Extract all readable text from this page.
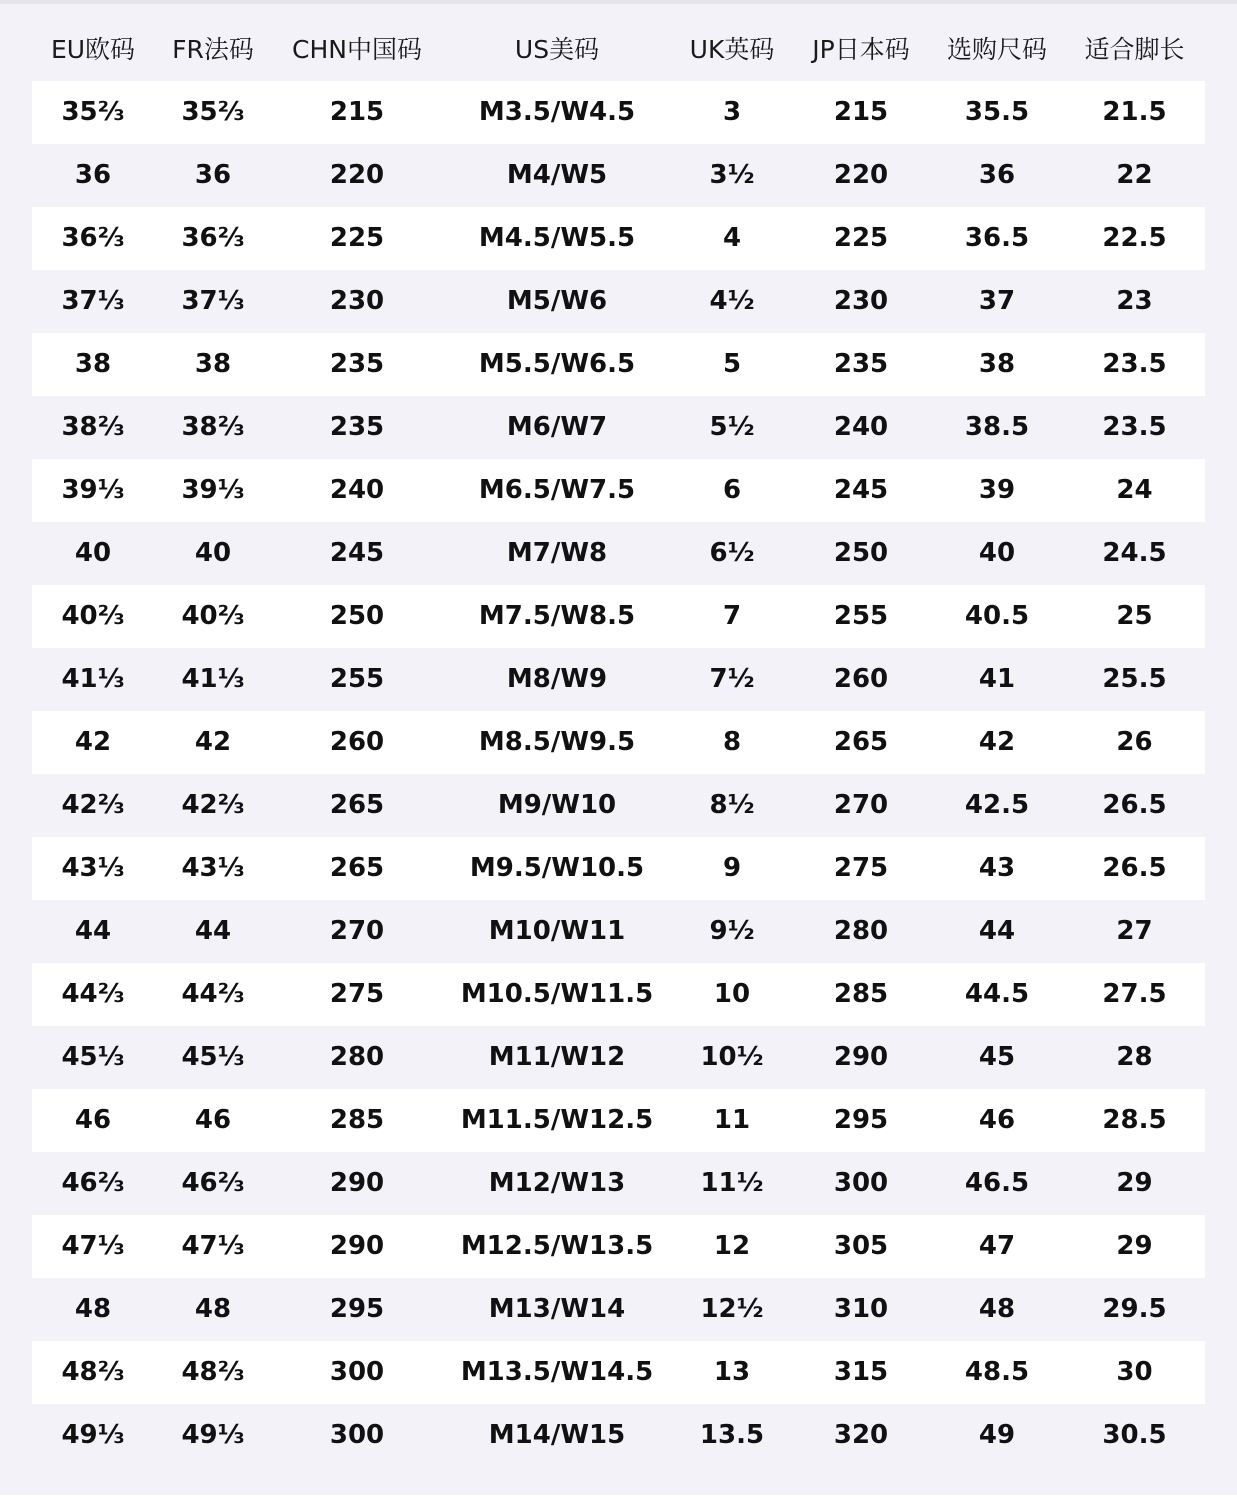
EU欧码	FR法码	CHN中国码	US美码	UK英码	JP日本码	选购尺码	适合脚长
35⅔	35⅔	215	M3.5/W4.5	3	215	35.5	21.5
36	36	220	M4/W5	3½	220	36	22
36⅔	36⅔	225	M4.5/W5.5	4	225	36.5	22.5
37⅓	37⅓	230	M5/W6	4½	230	37	23
38	38	235	M5.5/W6.5	5	235	38	23.5
38⅔	38⅔	235	M6/W7	5½	240	38.5	23.5
39⅓	39⅓	240	M6.5/W7.5	6	245	39	24
40	40	245	M7/W8	6½	250	40	24.5
40⅔	40⅔	250	M7.5/W8.5	7	255	40.5	25
41⅓	41⅓	255	M8/W9	7½	260	41	25.5
42	42	260	M8.5/W9.5	8	265	42	26
42⅔	42⅔	265	M9/W10	8½	270	42.5	26.5
43⅓	43⅓	265	M9.5/W10.5	9	275	43	26.5
44	44	270	M10/W11	9½	280	44	27
44⅔	44⅔	275	M10.5/W11.5	10	285	44.5	27.5
45⅓	45⅓	280	M11/W12	10½	290	45	28
46	46	285	M11.5/W12.5	11	295	46	28.5
46⅔	46⅔	290	M12/W13	11½	300	46.5	29
47⅓	47⅓	290	M12.5/W13.5	12	305	47	29
48	48	295	M13/W14	12½	310	48	29.5
48⅔	48⅔	300	M13.5/W14.5	13	315	48.5	30
49⅓	49⅓	300	M14/W15	13.5	320	49	30.5
